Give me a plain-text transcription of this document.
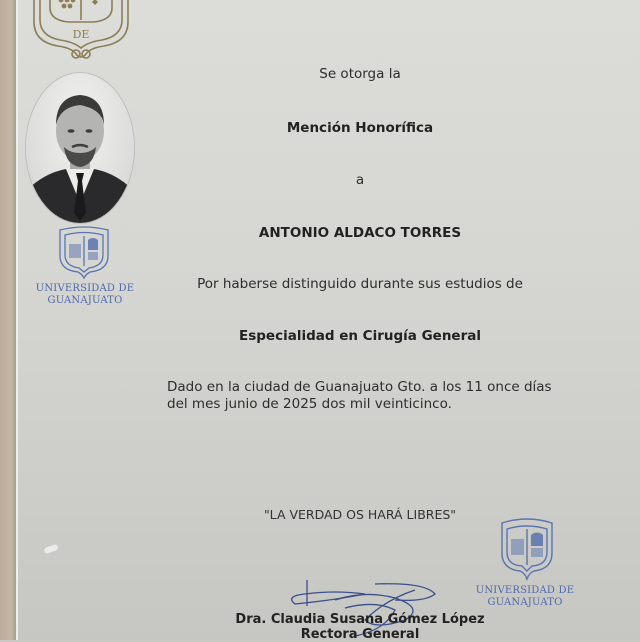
DE
UNIVERSIDAD DE
GUANAJUATO
Se otorga la
Mención Honorífica
a
ANTONIO ALDACO TORRES
Por haberse distinguido durante sus estudios de
Especialidad en Cirugía General
Dado en la ciudad de Guanajuato Gto. a los 11 once días
del mes junio de 2025 dos mil veinticinco.
"LA VERDAD OS HARÁ LIBRES"
UNIVERSIDAD DE
GUANAJUATO
Dra. Claudia Susana Gómez López
Rectora General
